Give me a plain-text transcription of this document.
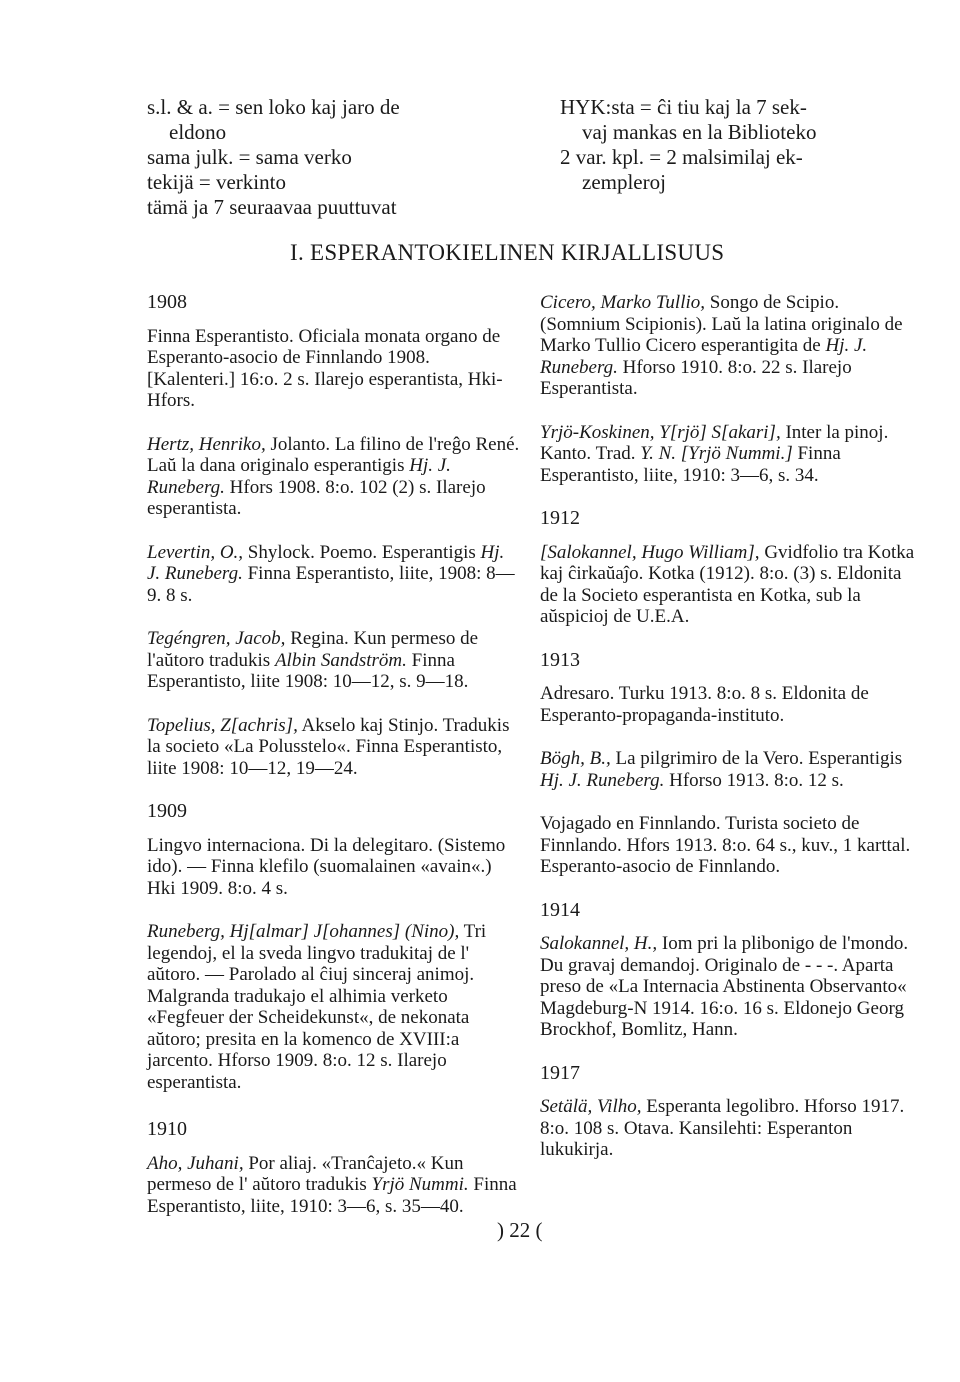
s.l. & a. = sen loko kaj jaro de
eldono
sama julk. = sama verko
tekijä = verkinto
tämä ja 7 seuraavaa puuttuvat
HYK:sta = ĉi tiu kaj la 7 sek-
vaj mankas en la Biblioteko
2 var. kpl. = 2 malsimilaj ek-
zempleroj
I. ESPERANTOKIELINEN KIRJALLISUUS
1908
Finna Esperantisto. Oficiala monata organo de Esperanto-asocio de Finnlando 1908. [Kalenteri.] 16:o. 2 s. Ilarejo esperantista, Hki-Hfors.
Hertz, Henriko, Jolanto. La filino de l'reĝo René. Laŭ la dana originalo esperantigis Hj. J. Runeberg. Hfors 1908. 8:o. 102 (2) s. Ilarejo esperantista.
Levertin, O., Shylock. Poemo. Esperantigis Hj. J. Runeberg. Finna Esperantisto, liite, 1908: 8—9. 8 s.
Tegéngren, Jacob, Regina. Kun permeso de l'aŭtoro tradukis Albin Sandström. Finna Esperantisto, liite 1908: 10—12, s. 9—18.
Topelius, Z[achris], Akselo kaj Stinjo. Tradukis la societo «La Polusstelo«. Finna Esperantisto, liite 1908: 10—12, 19—24.
1909
Lingvo internaciona. Di la delegitaro. (Sistemo ido). — Finna klefilo (suomalainen «avain«.) Hki 1909. 8:o. 4 s.
Runeberg, Hj[almar] J[ohannes] (Nino), Tri legendoj, el la sveda lingvo tradukitaj de l' aŭtoro. — Parolado al ĉiuj sinceraj animoj. Malgranda tradukajo el alhimia verketo «Fegfeuer der Scheidekunst«, de nekonata aŭtoro; presita en la komenco de XVIII:a jarcento. Hforso 1909. 8:o. 12 s. Ilarejo esperantista.
1910
Aho, Juhani, Por aliaj. «Tranĉajeto.« Kun permeso de l' aŭtoro tradukis Yrjö Nummi. Finna Esperantisto, liite, 1910: 3—6, s. 35—40.
Cicero, Marko Tullio, Songo de Scipio. (Somnium Scipionis). Laŭ la latina originalo de Marko Tullio Cicero esperantigita de Hj. J. Runeberg. Hforso 1910. 8:o. 22 s. Ilarejo Esperantista.
Yrjö-Koskinen, Y[rjö] S[akari], Inter la pinoj. Kanto. Trad. Y. N. [Yrjö Nummi.] Finna Esperantisto, liite, 1910: 3—6, s. 34.
1912
[Salokannel, Hugo William], Gvidfolio tra Kotka kaj ĉirkaŭaĵo. Kotka (1912). 8:o. (3) s. Eldonita de la Societo esperantista en Kotka, sub la aŭspicioj de U.E.A.
1913
Adresaro. Turku 1913. 8:o. 8 s. Eldonita de Esperanto-propaganda-instituto.
Bögh, B., La pilgrimiro de la Vero. Esperantigis Hj. J. Runeberg. Hforso 1913. 8:o. 12 s.
Vojagado en Finnlando. Turista societo de Finnlando. Hfors 1913. 8:o. 64 s., kuv., 1 karttal. Esperanto-asocio de Finnlando.
1914
Salokannel, H., Iom pri la plibonigo de l'mondo. Du gravaj demandoj. Originalo de - - -. Aparta preso de «La Internacia Abstinenta Observanto« Magdeburg-N 1914. 16:o. 16 s. Eldonejo Georg Brockhof, Bomlitz, Hann.
1917
Setälä, Vilho, Esperanta legolibro. Hforso 1917. 8:o. 108 s. Otava. Kansilehti: Esperanton lukukirja.
) 22 (
